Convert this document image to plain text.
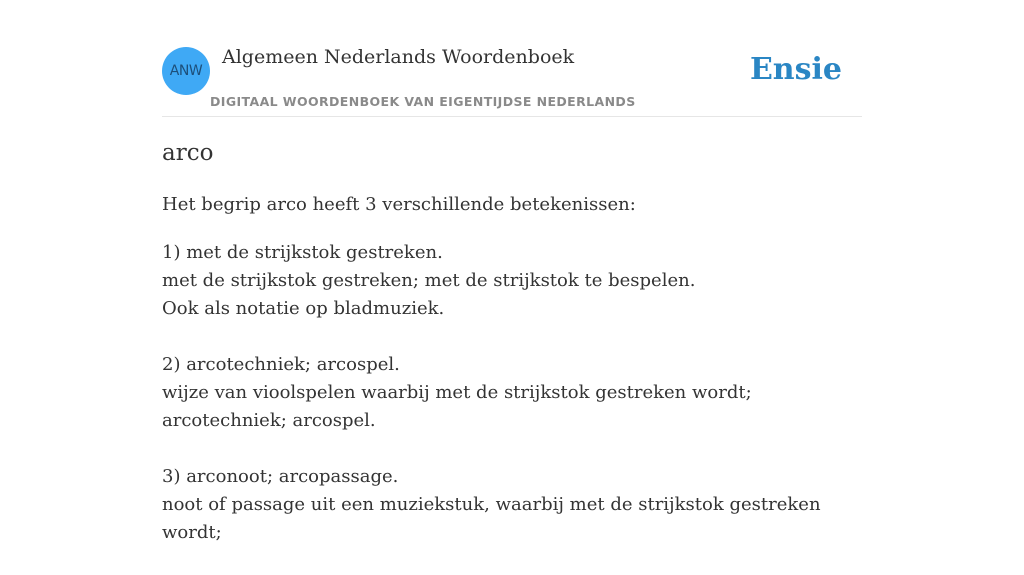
ANW
Algemeen Nederlands Woordenboek
DIGITAAL WOORDENBOEK VAN EIGENTIJDSE NEDERLANDS
Ensie
arco

Het begrip arco heeft 3 verschillende betekenissen:

1) met de strijkstok gestreken.
met de strijkstok gestreken; met de strijkstok te bespelen.
Ook als notatie op bladmuziek.
2) arcotechniek; arcospel.
wijze van vioolspelen waarbij met de strijkstok gestreken wordt; arcotechniek; arcospel.
3) arconoot; arcopassage.
noot of passage uit een muziekstuk, waarbij met de strijkstok gestreken wordt;
